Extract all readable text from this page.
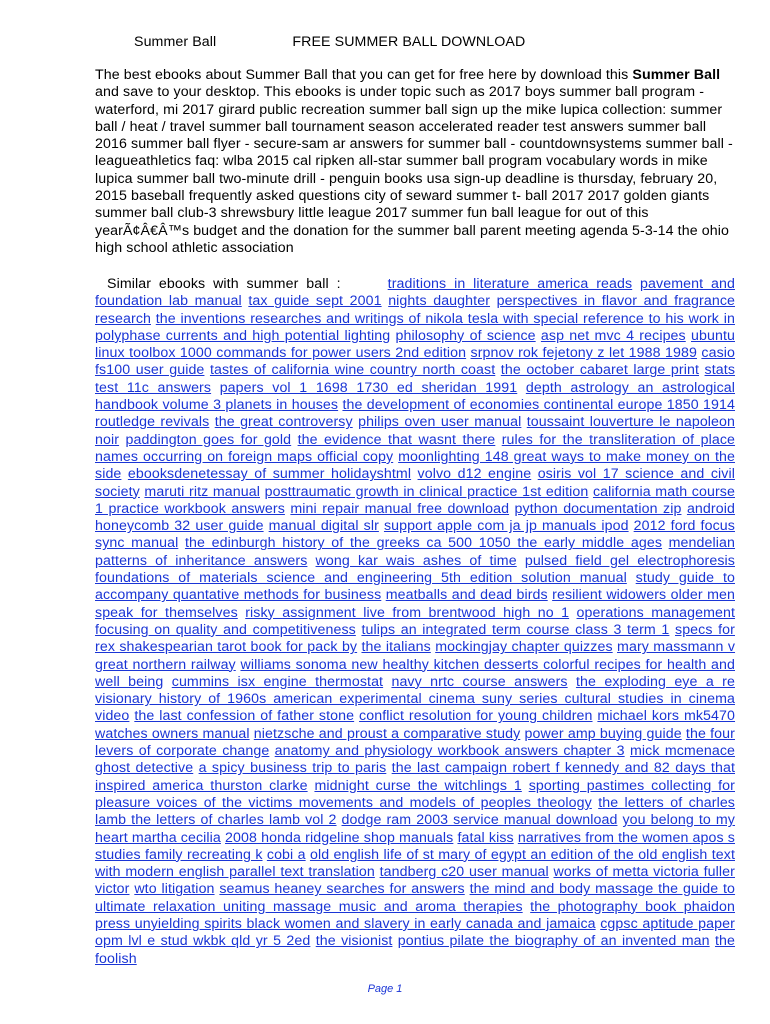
Summer Ball	FREE SUMMER BALL DOWNLOAD
The best ebooks about Summer Ball that you can get for free here by download this Summer Ball and save to your desktop. This ebooks is under topic such as 2017 boys summer ball program - waterford, mi 2017 girard public recreation summer ball sign up the mike lupica collection: summer ball / heat / travel summer ball tournament season accelerated reader test answers summer ball 2016 summer ball flyer - secure-sam ar answers for summer ball - countdownsystems summer ball - leagueathletics faq: wlba 2015 cal ripken all-star summer ball program vocabulary words in mike lupica summer ball two-minute drill - penguin books usa sign-up deadline is thursday, february 20, 2015 baseball frequently asked questions city of seward summer t- ball 2017 2017 golden giants summer ball club-3 shrewsbury little league 2017 summer fun ball league for out of this yearÃ¢Â€Â™s budget and the donation for the summer ball parent meeting agenda 5-3-14 the ohio high school athletic association
Similar ebooks with summer ball :	traditions in literature america reads pavement and foundation lab manual tax guide sept 2001 nights daughter perspectives in flavor and fragrance research the inventions researches and writings of nikola tesla with special reference to his work in polyphase currents and high potential lighting philosophy of science asp net mvc 4 recipes ubuntu linux toolbox 1000 commands for power users 2nd edition srpnov rok fejetony z let 1988 1989 casio fs100 user guide tastes of california wine country north coast the october cabaret large print stats test 11c answers papers vol 1 1698 1730 ed sheridan 1991 depth astrology an astrological handbook volume 3 planets in houses the development of economies continental europe 1850 1914 routledge revivals the great controversy philips oven user manual toussaint louverture le napoleon noir paddington goes for gold the evidence that wasnt there rules for the transliteration of place names occurring on foreign maps official copy moonlighting 148 great ways to make money on the side ebooksdenetessay of summer holidayshtml volvo d12 engine osiris vol 17 science and civil society maruti ritz manual posttraumatic growth in clinical practice 1st edition california math course 1 practice workbook answers mini repair manual free download python documentation zip android honeycomb 32 user guide manual digital slr support apple com ja jp manuals ipod 2012 ford focus sync manual the edinburgh history of the greeks ca 500 1050 the early middle ages mendelian patterns of inheritance answers wong kar wais ashes of time pulsed field gel electrophoresis foundations of materials science and engineering 5th edition solution manual study guide to accompany quantative methods for business meatballs and dead birds resilient widowers older men speak for themselves risky assignment live from brentwood high no 1 operations management focusing on quality and competitiveness tulips an integrated term course class 3 term 1 specs for rex shakespearian tarot book for pack by the italians mockingjay chapter quizzes mary massmann v great northern railway williams sonoma new healthy kitchen desserts colorful recipes for health and well being cummins isx engine thermostat navy nrtc course answers the exploding eye a re visionary history of 1960s american experimental cinema suny series cultural studies in cinema video the last confession of father stone conflict resolution for young children michael kors mk5470 watches owners manual nietzsche and proust a comparative study power amp buying guide the four levers of corporate change anatomy and physiology workbook answers chapter 3 mick mcmenace ghost detective a spicy business trip to paris the last campaign robert f kennedy and 82 days that inspired america thurston clarke midnight curse the witchlings 1 sporting pastimes collecting for pleasure voices of the victims movements and models of peoples theology the letters of charles lamb the letters of charles lamb vol 2 dodge ram 2003 service manual download you belong to my heart martha cecilia 2008 honda ridgeline shop manuals fatal kiss narratives from the women apos s studies family recreating k cobi a old english life of st mary of egypt an edition of the old english text with modern english parallel text translation tandberg c20 user manual works of metta victoria fuller victor wto litigation seamus heaney searches for answers the mind and body massage the guide to ultimate relaxation uniting massage music and aroma therapies the photography book phaidon press unyielding spirits black women and slavery in early canada and jamaica cgpsc aptitude paper opm lvl e stud wkbk qld yr 5 2ed the visionist pontius pilate the biography of an invented man the foolish
Page 1
